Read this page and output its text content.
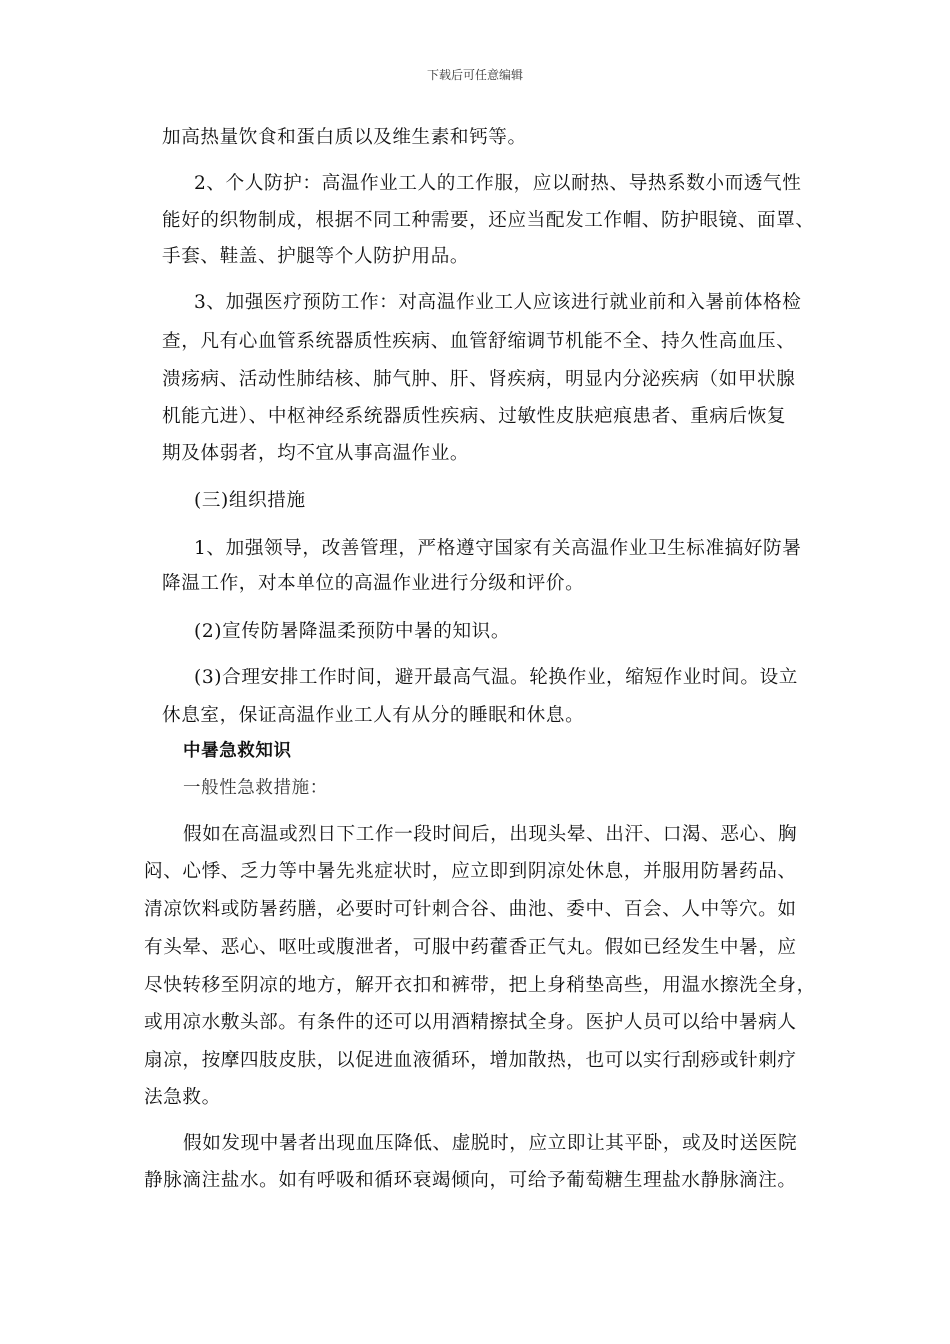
下载后可任意编辑
加高热量饮食和蛋白质以及维生素和钙等。
2、个人防护：高温作业工人的工作服，应以耐热、导热系数小而透气性
能好的织物制成，根据不同工种需要，还应当配发工作帽、防护眼镜、面罩、
手套、鞋盖、护腿等个人防护用品。
3、加强医疗预防工作：对高温作业工人应该进行就业前和入暑前体格检
查，凡有心血管系统器质性疾病、血管舒缩调节机能不全、持久性高血压、
溃疡病、活动性肺结核、肺气肿、肝、肾疾病，明显内分泌疾病（如甲状腺
机能亢进）、中枢神经系统器质性疾病、过敏性皮肤疤痕患者、重病后恢复
期及体弱者，均不宜从事高温作业。
(三)组织措施
1、加强领导，改善管理，严格遵守国家有关高温作业卫生标准搞好防暑
降温工作，对本单位的高温作业进行分级和评价。
(2)宣传防暑降温柔预防中暑的知识。
(3)合理安排工作时间，避开最高气温。轮换作业，缩短作业时间。设立
休息室，保证高温作业工人有从分的睡眠和休息。
中暑急救知识
一般性急救措施：
假如在高温或烈日下工作一段时间后，出现头晕、出汗、口渴、恶心、胸
闷、心悸、乏力等中暑先兆症状时，应立即到阴凉处休息，并服用防暑药品、
清凉饮料或防暑药膳，必要时可针刺合谷、曲池、委中、百会、人中等穴。如
有头晕、恶心、呕吐或腹泄者，可服中药藿香正气丸。假如已经发生中暑，应
尽快转移至阴凉的地方，解开衣扣和裤带，把上身稍垫高些，用温水擦洗全身，
或用凉水敷头部。有条件的还可以用酒精擦拭全身。医护人员可以给中暑病人
扇凉，按摩四肢皮肤，以促进血液循环，增加散热，也可以实行刮痧或针刺疗
法急救。
假如发现中暑者出现血压降低、虚脱时，应立即让其平卧，或及时送医院
静脉滴注盐水。如有呼吸和循环衰竭倾向，可给予葡萄糖生理盐水静脉滴注。
